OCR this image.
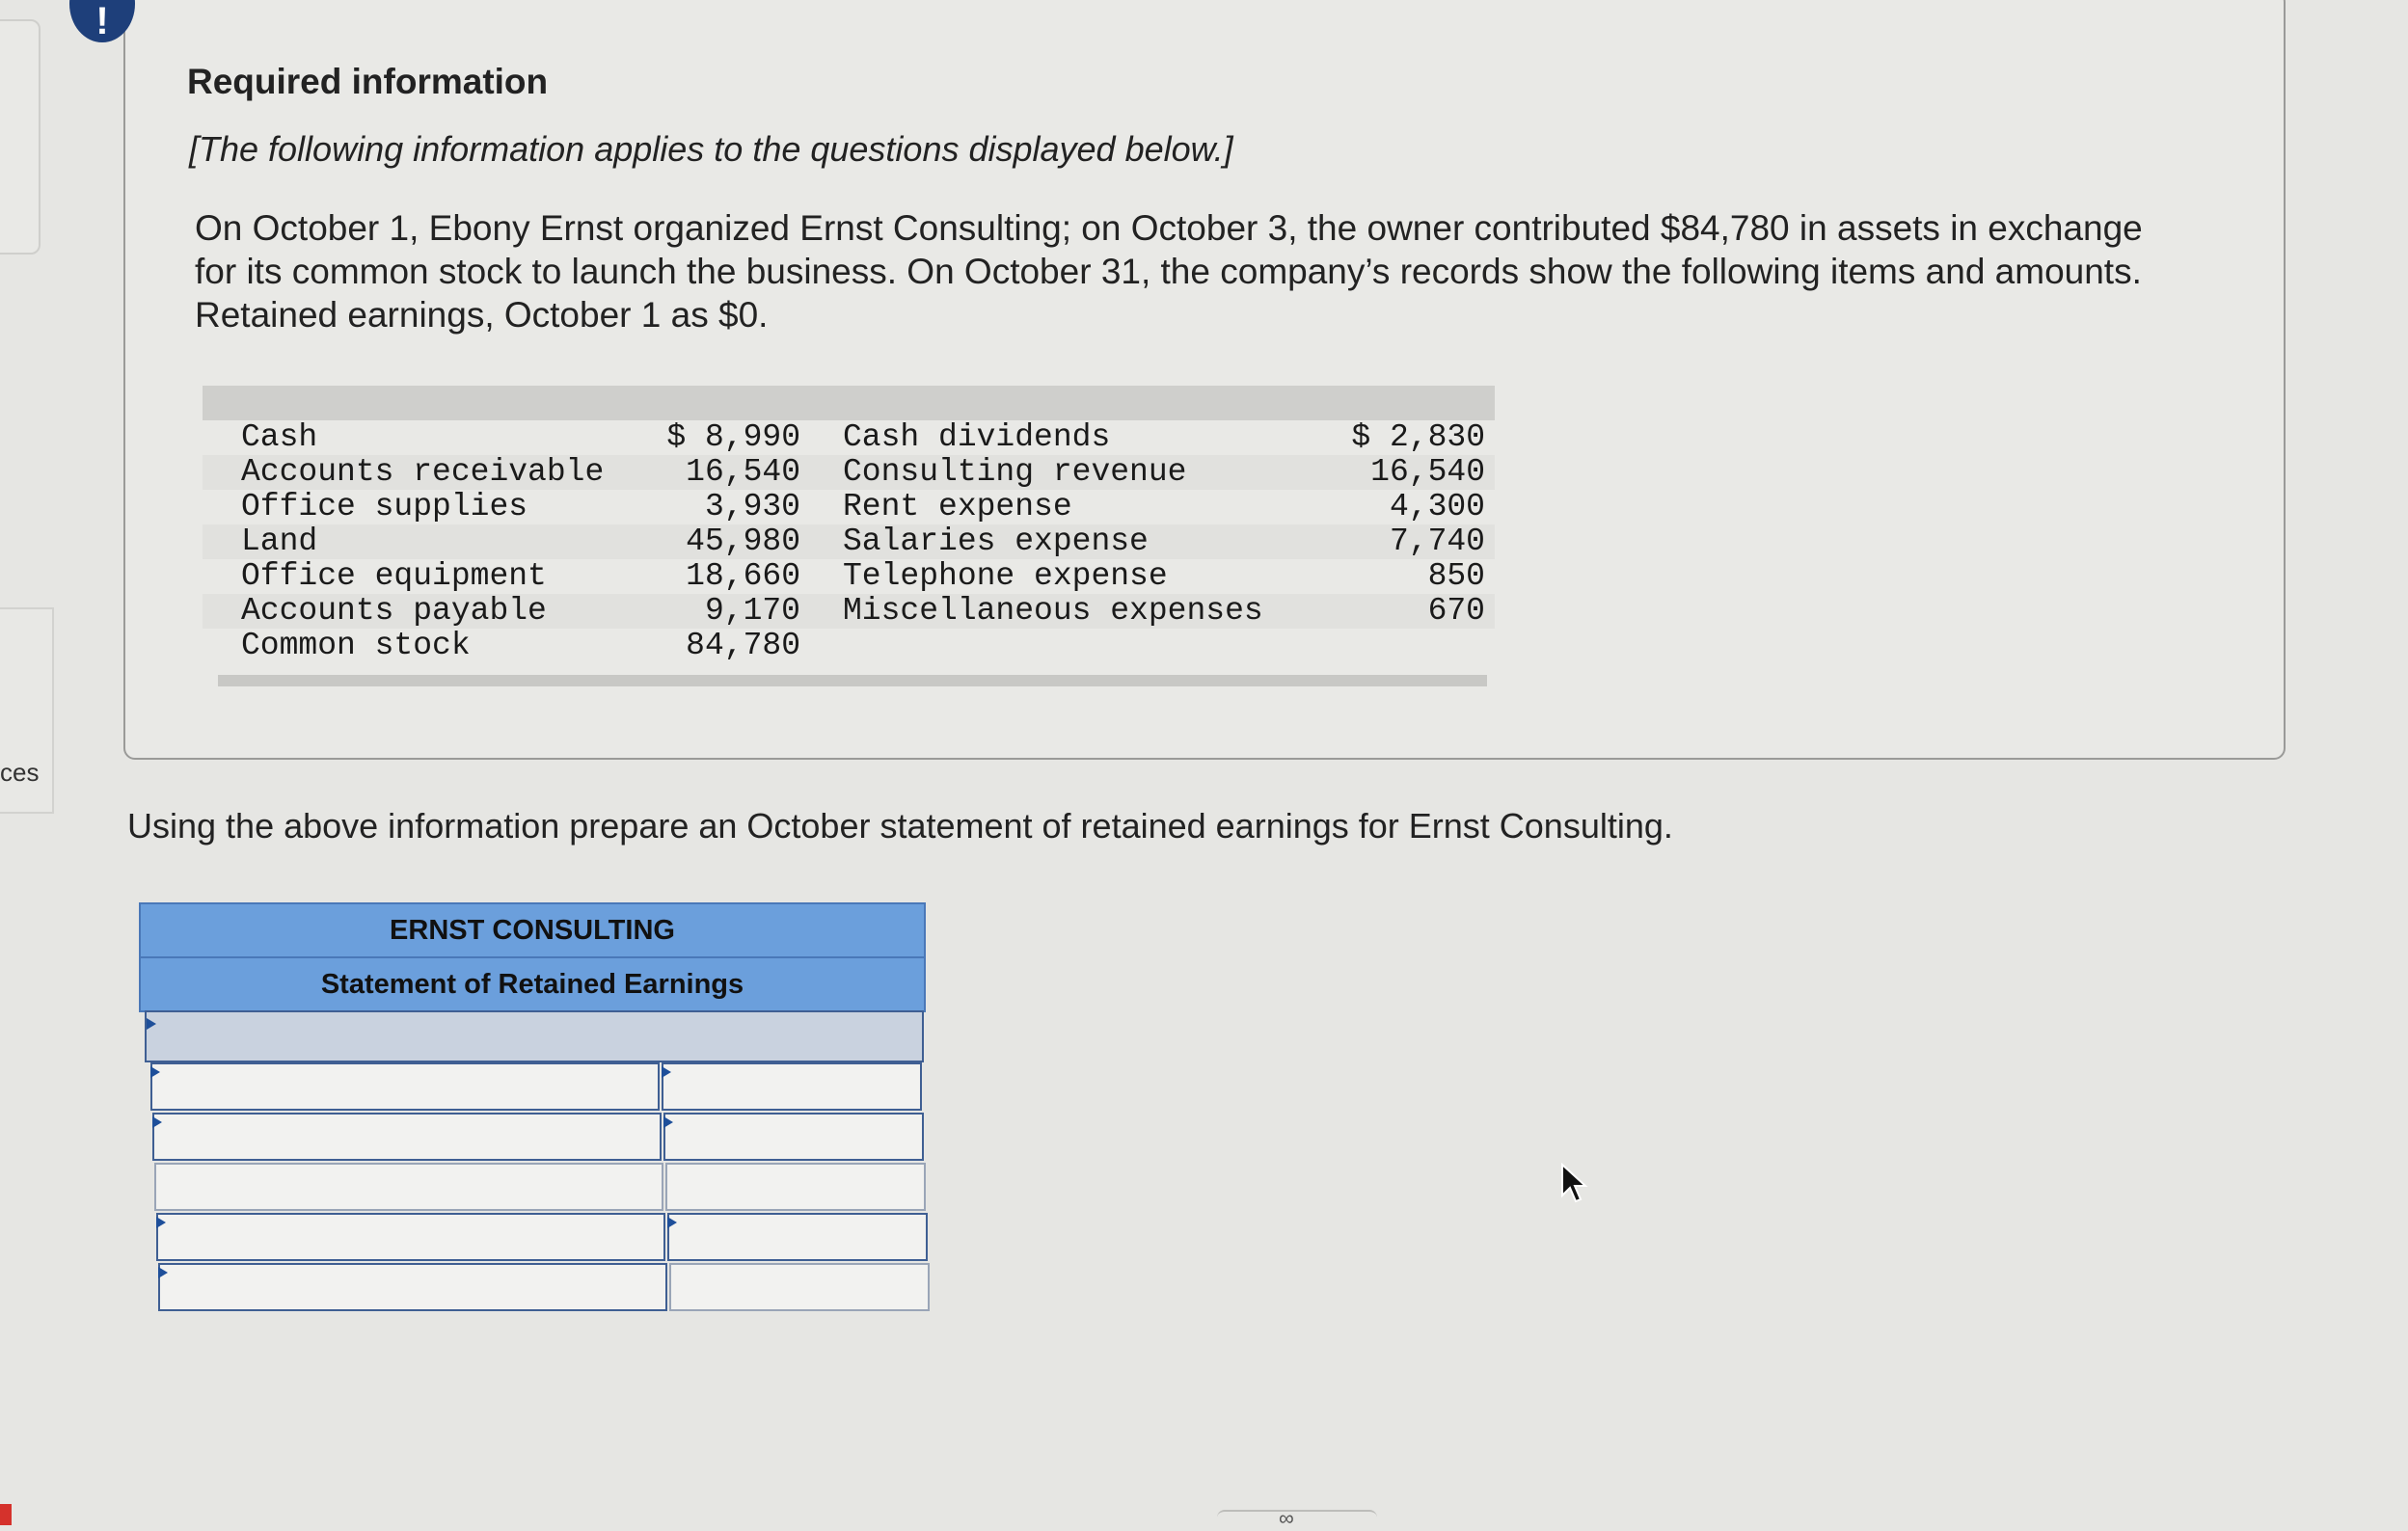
ces
!
Required information
[The following information applies to the questions displayed below.]
On October 1, Ebony Ernst organized Ernst Consulting; on October 3, the owner contributed $84,780 in assets in exchange for its common stock to launch the business. On October 31, the company’s records show the following items and amounts. Retained earnings, October 1 as $0.
Cash
Accounts receivable
Office supplies
Land
Office equipment
Accounts payable
Common stock
$ 8,990
16,540
3,930
45,980
18,660
9,170
84,780
Cash dividends
Consulting revenue
Rent expense
Salaries expense
Telephone expense
Miscellaneous expenses
$ 2,830
16,540
4,300
7,740
850
670
Using the above information prepare an October statement of retained earnings for Ernst Consulting.
ERNST CONSULTING
Statement of Retained Earnings
∞
